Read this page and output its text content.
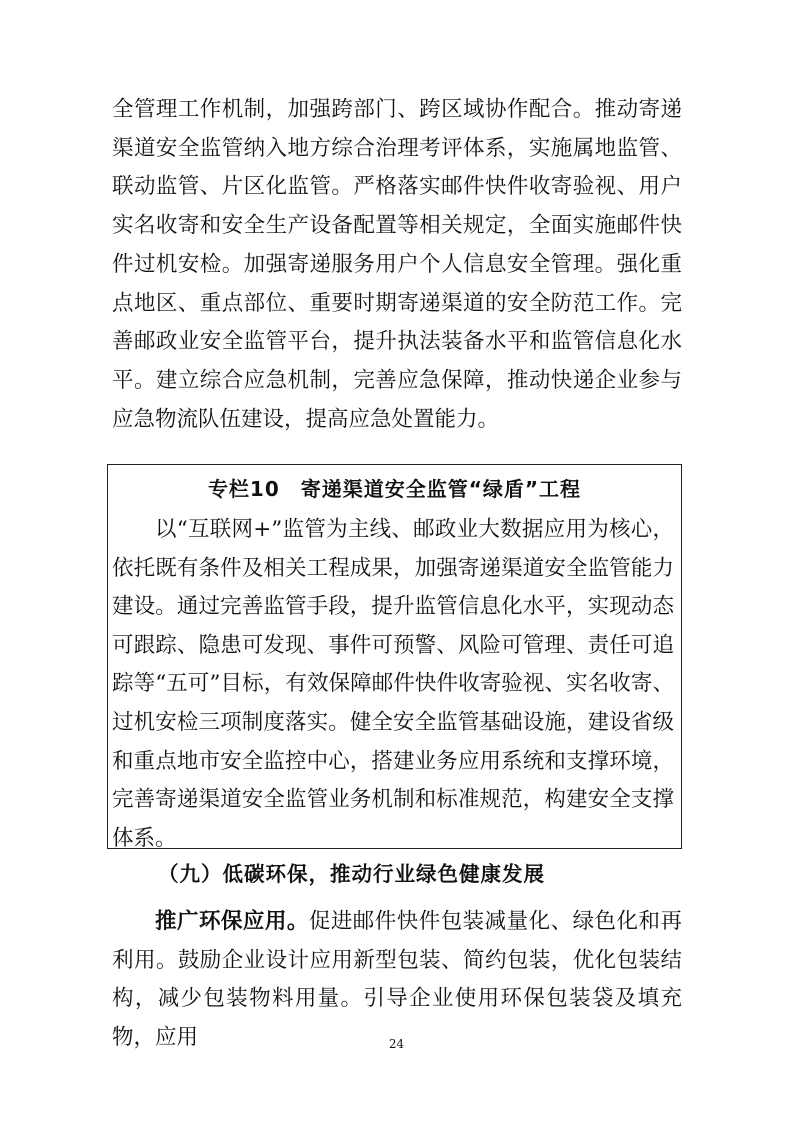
全管理工作机制，加强跨部门、跨区域协作配合。推动寄递渠道安全监管纳入地方综合治理考评体系，实施属地监管、联动监管、片区化监管。严格落实邮件快件收寄验视、用户实名收寄和安全生产设备配置等相关规定，全面实施邮件快件过机安检。加强寄递服务用户个人信息安全管理。强化重点地区、重点部位、重要时期寄递渠道的安全防范工作。完善邮政业安全监管平台，提升执法装备水平和监管信息化水平。建立综合应急机制，完善应急保障，推动快递企业参与应急物流队伍建设，提高应急处置能力。

专栏10　寄递渠道安全监管“绿盾”工程

以“互联网+”监管为主线、邮政业大数据应用为核心，依托既有条件及相关工程成果，加强寄递渠道安全监管能力建设。通过完善监管手段，提升监管信息化水平，实现动态可跟踪、隐患可发现、事件可预警、风险可管理、责任可追踪等“五可”目标，有效保障邮件快件收寄验视、实名收寄、过机安检三项制度落实。健全安全监管基础设施，建设省级和重点地市安全监控中心，搭建业务应用系统和支撑环境，完善寄递渠道安全监管业务机制和标准规范，构建安全支撑体系。

（九）低碳环保，推动行业绿色健康发展

推广环保应用。促进邮件快件包装减量化、绿色化和再利用。鼓励企业设计应用新型包装、简约包装，优化包装结构，减少包装物料用量。引导企业使用环保包装袋及填充物，应用	24
